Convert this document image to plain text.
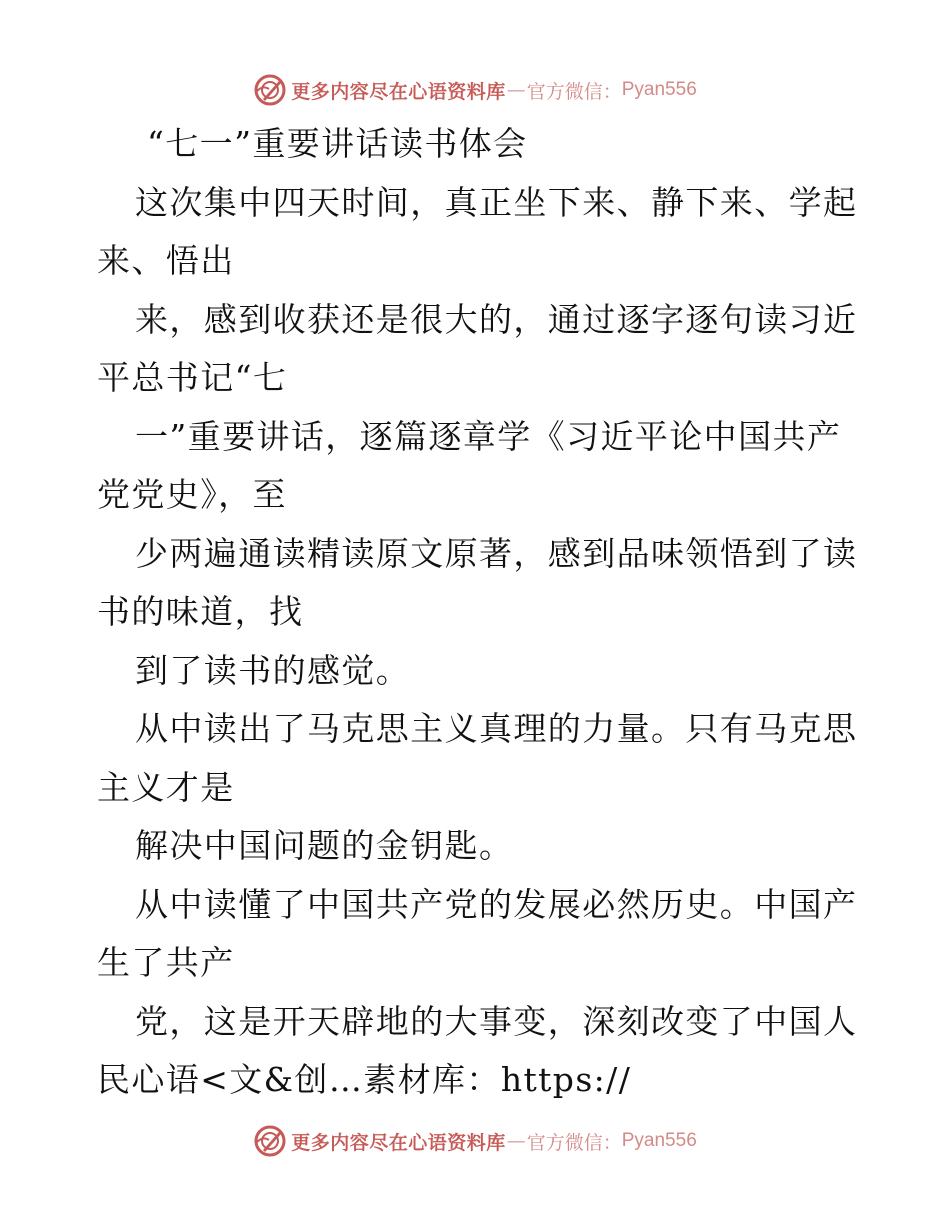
更多内容尽在心语资料库 — 官方微信： Pyan556
“七一”重要讲话读书体会
这次集中四天时间，真正坐下来、静下来、学起
来、悟出
来，感到收获还是很大的，通过逐字逐句读习近
平总书记“七
一”重要讲话，逐篇逐章学《习近平论中国共产
党党史》，至
少两遍通读精读原文原著，感到品味领悟到了读
书的味道，找
到了读书的感觉。
从中读出了马克思主义真理的力量。只有马克思
主义才是
解决中国问题的金钥匙。
从中读懂了中国共产党的发展必然历史。中国产
生了共产
党，这是开天辟地的大事变，深刻改变了中国人
民心语<文&创…素材库：https://
更多内容尽在心语资料库 — 官方微信： Pyan556
